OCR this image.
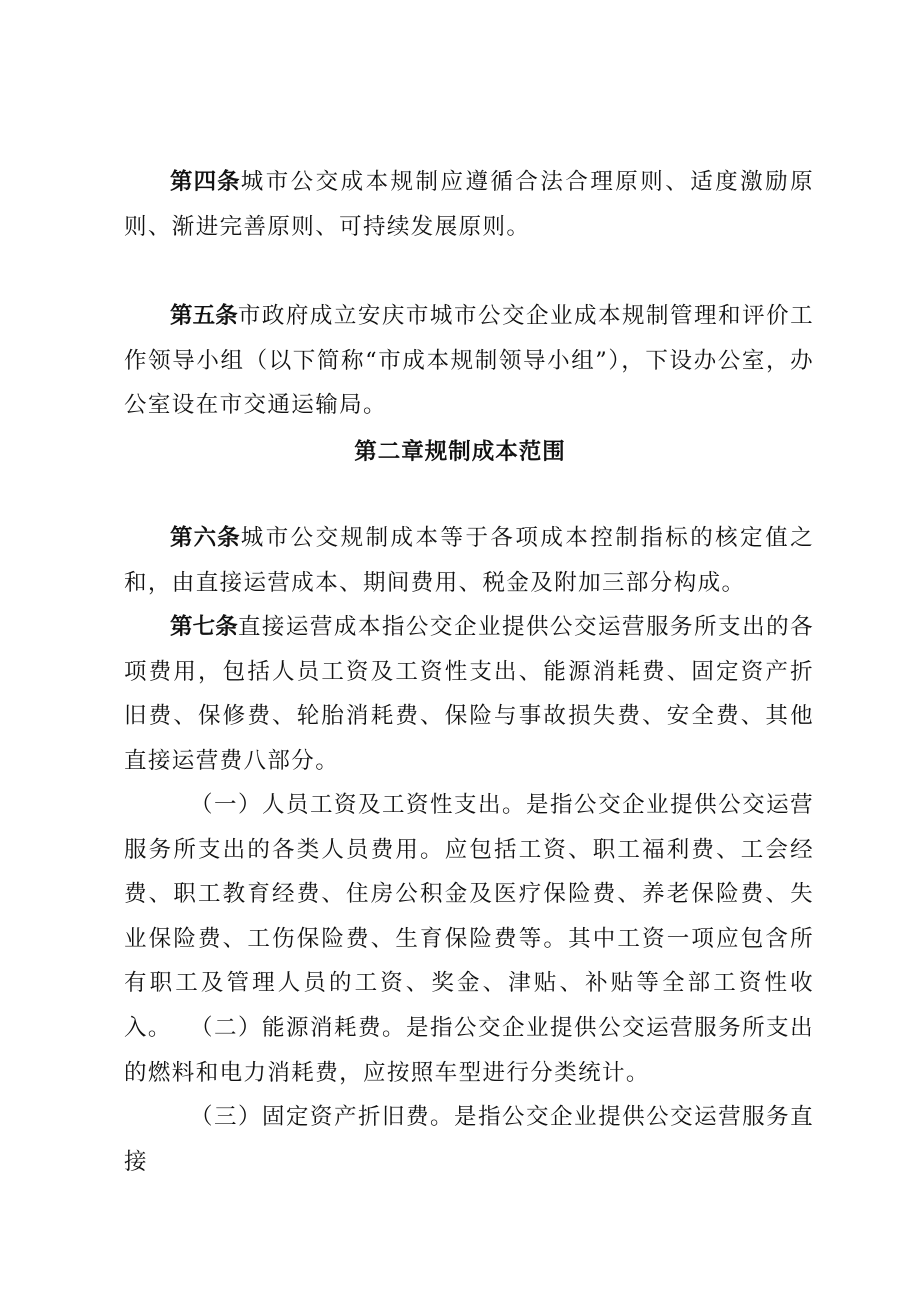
第四条城市公交成本规制应遵循合法合理原则、适度激励原则、渐进完善原则、可持续发展原则。

第五条市政府成立安庆市城市公交企业成本规制管理和评价工作领导小组（以下简称“市成本规制领导小组”），下设办公室，办公室设在市交通运输局。

第二章规制成本范围

第六条城市公交规制成本等于各项成本控制指标的核定值之和，由直接运营成本、期间费用、税金及附加三部分构成。

第七条直接运营成本指公交企业提供公交运营服务所支出的各项费用，包括人员工资及工资性支出、能源消耗费、固定资产折旧费、保修费、轮胎消耗费、保险与事故损失费、安全费、其他直接运营费八部分。

（一）人员工资及工资性支出。是指公交企业提供公交运营服务所支出的各类人员费用。应包括工资、职工福利费、工会经费、职工教育经费、住房公积金及医疗保险费、养老保险费、失业保险费、工伤保险费、生育保险费等。其中工资一项应包含所有职工及管理人员的工资、奖金、津贴、补贴等全部工资性收入。 （二）能源消耗费。是指公交企业提供公交运营服务所支出的燃料和电力消耗费，应按照车型进行分类统计。

（三）固定资产折旧费。是指公交企业提供公交运营服务直接
